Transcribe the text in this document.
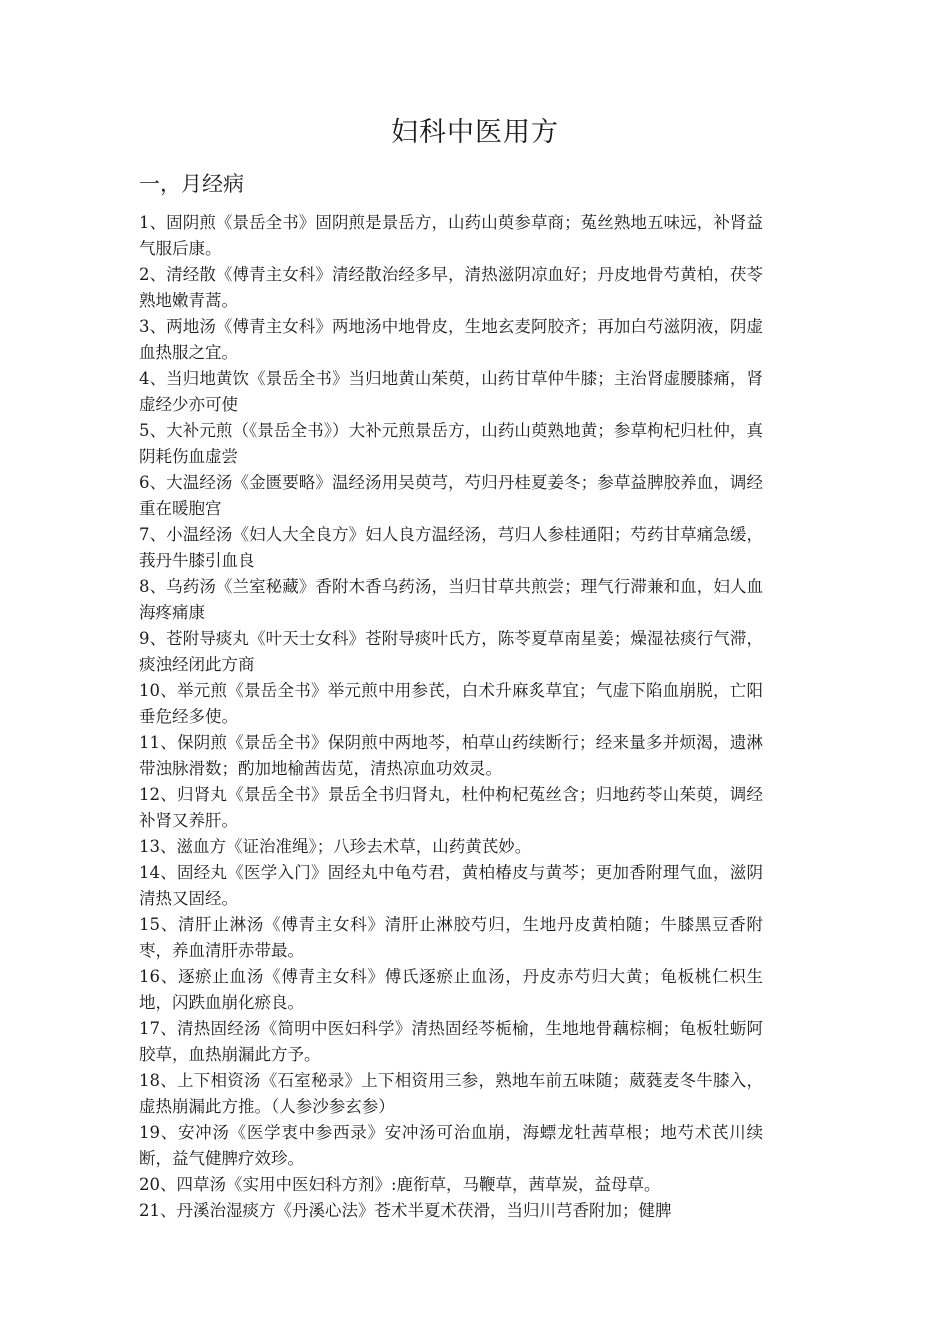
妇科中医用方
一，月经病
1、固阴煎《景岳全书》固阴煎是景岳方，山药山萸参草商；菟丝熟地五味远，补肾益气服后康。
2、清经散《傅青主女科》清经散治经多早，清热滋阴凉血好；丹皮地骨芍黄柏，茯苓熟地嫩青蒿。
3、两地汤《傅青主女科》两地汤中地骨皮，生地玄麦阿胶齐；再加白芍滋阴液，阴虚血热服之宜。
4、当归地黄饮《景岳全书》当归地黄山茱萸，山药甘草仲牛膝；主治肾虚腰膝痛，肾虚经少亦可使
5、大补元煎（《景岳全书》）大补元煎景岳方，山药山萸熟地黄；参草枸杞归杜仲，真阴耗伤血虚尝
6、大温经汤《金匮要略》温经汤用吴萸芎，芍归丹桂夏姜冬；参草益脾胶养血，调经重在暖胞宫
7、小温经汤《妇人大全良方》妇人良方温经汤，芎归人参桂通阳；芍药甘草痛急缓，莪丹牛膝引血良
8、乌药汤《兰室秘藏》香附木香乌药汤，当归甘草共煎尝；理气行滞兼和血，妇人血海疼痛康
9、苍附导痰丸《叶天士女科》苍附导痰叶氏方，陈苓夏草南星姜；燥湿祛痰行气滞，痰浊经闭此方商
10、举元煎《景岳全书》举元煎中用参芪，白术升麻炙草宜；气虚下陷血崩脱，亡阳垂危经多使。
11、保阴煎《景岳全书》保阴煎中两地芩，柏草山药续断行；经来量多并烦渴，遗淋带浊脉滑数；酌加地榆茜齿苋，清热凉血功效灵。
12、归肾丸《景岳全书》景岳全书归肾丸，杜仲枸杞菟丝含；归地药苓山茱萸，调经补肾又养肝。
13、滋血方《证治准绳》；八珍去术草，山药黄芪妙。
14、固经丸《医学入门》固经丸中龟芍君，黄柏椿皮与黄芩；更加香附理气血，滋阴清热又固经。
15、清肝止淋汤《傅青主女科》清肝止淋胶芍归，生地丹皮黄柏随；牛膝黑豆香附枣，养血清肝赤带最。
16、逐瘀止血汤《傅青主女科》傅氏逐瘀止血汤，丹皮赤芍归大黄；龟板桃仁枳生地，闪跌血崩化瘀良。
17、清热固经汤《简明中医妇科学》清热固经芩栀榆，生地地骨藕棕榈；龟板牡蛎阿胶草，血热崩漏此方予。
18、上下相资汤《石室秘录》上下相资用三参，熟地车前五味随；葳蕤麦冬牛膝入，虚热崩漏此方推。（人参沙参玄参）
19、安冲汤《医学衷中参西录》安冲汤可治血崩，海螵龙牡茜草根；地芍术芪川续断，益气健脾疗效珍。
20、四草汤《实用中医妇科方剂》:鹿衔草，马鞭草，茜草炭，益母草。
21、丹溪治湿痰方《丹溪心法》苍术半夏术茯滑，当归川芎香附加；健脾
